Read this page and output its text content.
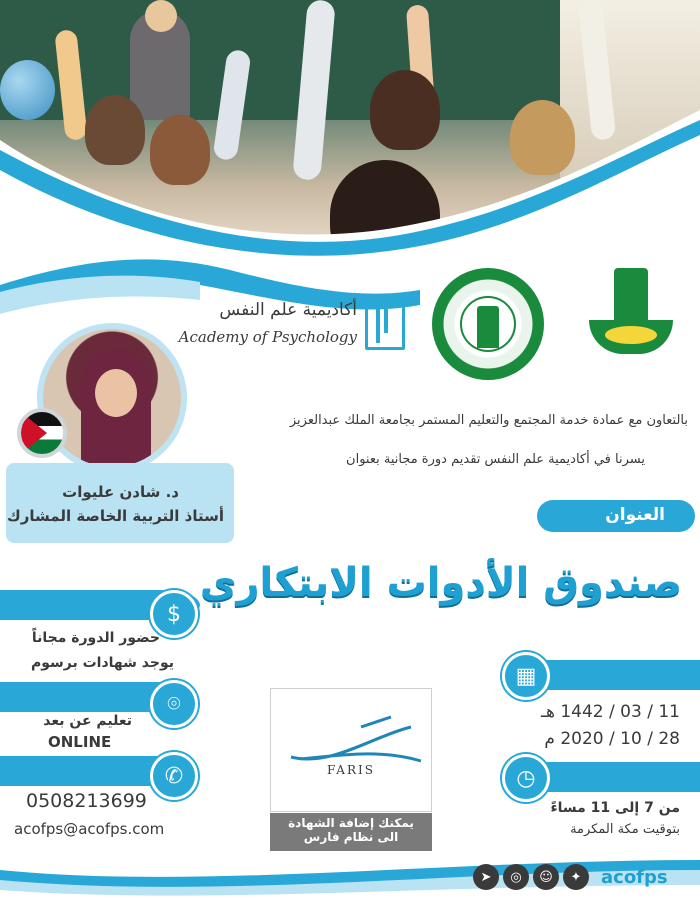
أكاديمية علم النفس
Academy of Psychology
د. شادن عليوات
أستاذ التربية الخاصة المشارك
بالتعاون مع عمادة خدمة المجتمع والتعليم المستمر بجامعة الملك عبدالعزيز
يسرنا في أكاديمية علم النفس تقديم دورة مجانية بعنوان
العنوان
صندوق الأدوات الابتكاري
$
حضور الدورة مجاناً
يوجد شهادات برسوم
⌾
تعليم عن بعد
ONLINE
✆
0508213699
acofps@acofps.com
FARIS
يمكنك إضافة الشهادة
الى نظام فارس
▦
11 / 03 / 1442 هـ
28 / 10 / 2020 م
◷
من 7 إلى 11 مساءً
بتوقيت مكة المكرمة
➤	◎	☺	✦	acofps
